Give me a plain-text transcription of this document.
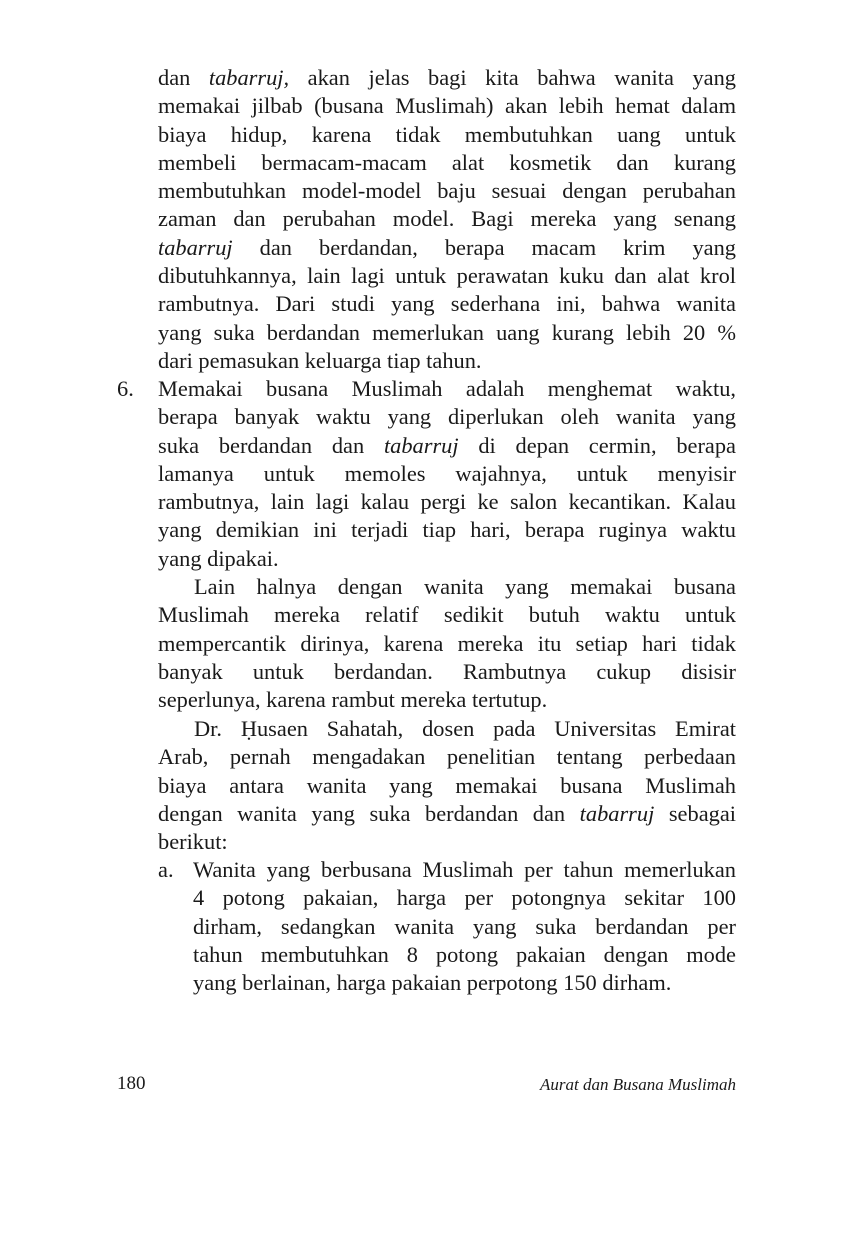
dan tabarruj, akan jelas bagi kita bahwa wanita yang
memakai jilbab (busana Muslimah) akan lebih hemat dalam
biaya hidup, karena tidak membutuhkan uang untuk
membeli bermacam-macam alat kosmetik dan kurang
membutuhkan model-model baju sesuai dengan perubahan
zaman dan perubahan model. Bagi mereka yang senang
tabarruj dan berdandan, berapa macam krim yang
dibutuhkannya, lain lagi untuk perawatan kuku dan alat krol
rambutnya. Dari studi yang sederhana ini, bahwa wanita
yang suka berdandan memerlukan uang kurang lebih 20 %
dari pemasukan keluarga tiap tahun.
6. Memakai busana Muslimah adalah menghemat waktu,
berapa banyak waktu yang diperlukan oleh wanita yang
suka berdandan dan tabarruj di depan cermin, berapa
lamanya untuk memoles wajahnya, untuk menyisir
rambutnya, lain lagi kalau pergi ke salon kecantikan. Kalau
yang demikian ini terjadi tiap hari, berapa ruginya waktu
yang dipakai.
Lain halnya dengan wanita yang memakai busana
Muslimah mereka relatif sedikit butuh waktu untuk
mempercantik dirinya, karena mereka itu setiap hari tidak
banyak untuk berdandan. Rambutnya cukup disisir
seperlunya, karena rambut mereka tertutup.
Dr. Ḥusaen Sahatah, dosen pada Universitas Emirat
Arab, pernah mengadakan penelitian tentang perbedaan
biaya antara wanita yang memakai busana Muslimah
dengan wanita yang suka berdandan dan tabarruj sebagai
berikut:
a. Wanita yang berbusana Muslimah per tahun memerlukan
4 potong pakaian, harga per potongnya sekitar 100
dirham, sedangkan wanita yang suka berdandan per
tahun membutuhkan 8 potong pakaian dengan mode
yang berlainan, harga pakaian perpotong 150 dirham.
180	Aurat dan Busana Muslimah
